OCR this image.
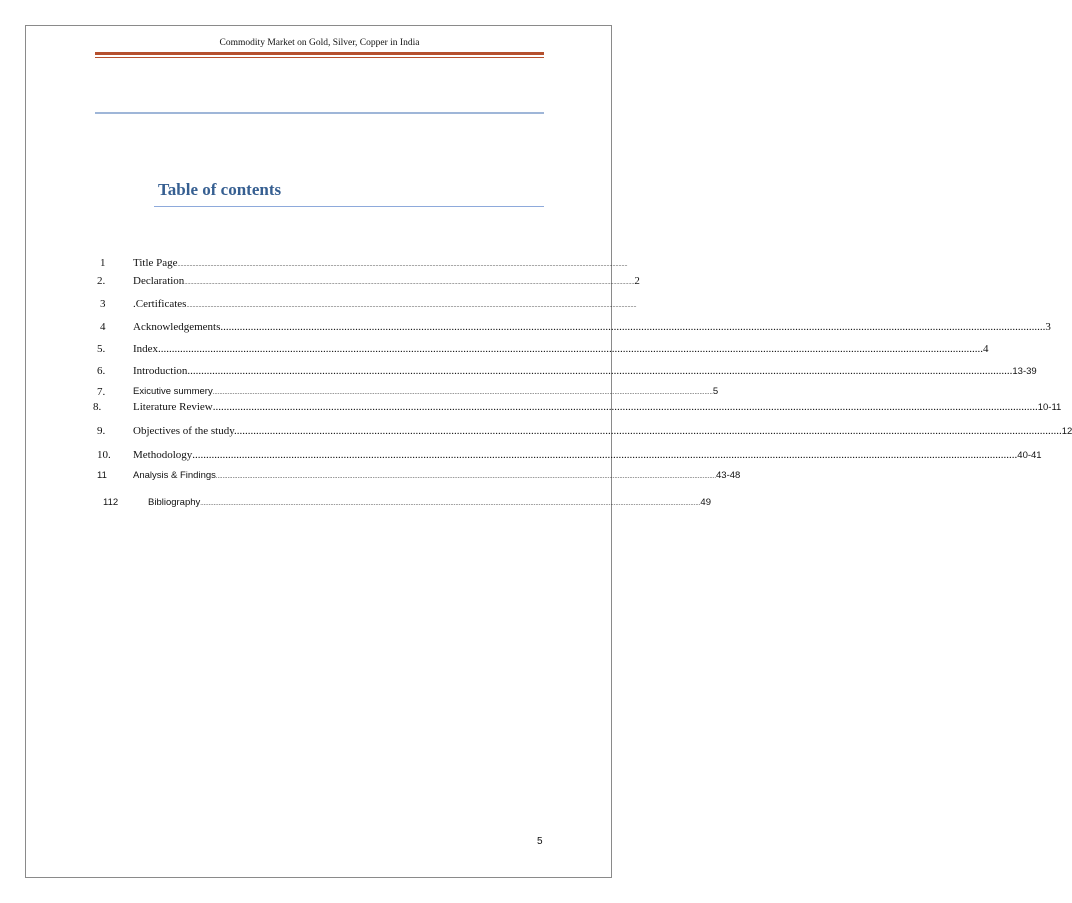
Commodity Market on Gold, Silver, Copper in India
Table of contents
1	Title Page ............................................................................................................................................................................................................................................................................................................
2.	Declaration ............................................................................................................................................................................................................................................................................................................ 2
3	.Certificates ............................................................................................................................................................................................................................................................................................................
4	Acknowledgements ............................................................................................................................................................................................................................................................................................................ 3
5.	Index ............................................................................................................................................................................................................................................................................................................ 4
6.	Introduction ............................................................................................................................................................................................................................................................................................................ 13-39
7.	Exicutive summery ............................................................................................................................................................................................................................................................................................................ 5
8.	Literature Review ............................................................................................................................................................................................................................................................................................................ 10-11
9.	Objectives of the study. ............................................................................................................................................................................................................................................................................................................ 12
10. Methodology ............................................................................................................................................................................................................................................................................................................ 40-41
11	Analysis & Findings ............................................................................................................................................................................................................................................................................................................ 43-48
112	Bibliography ............................................................................................................................................................................................................................................................................................................ 49
5
